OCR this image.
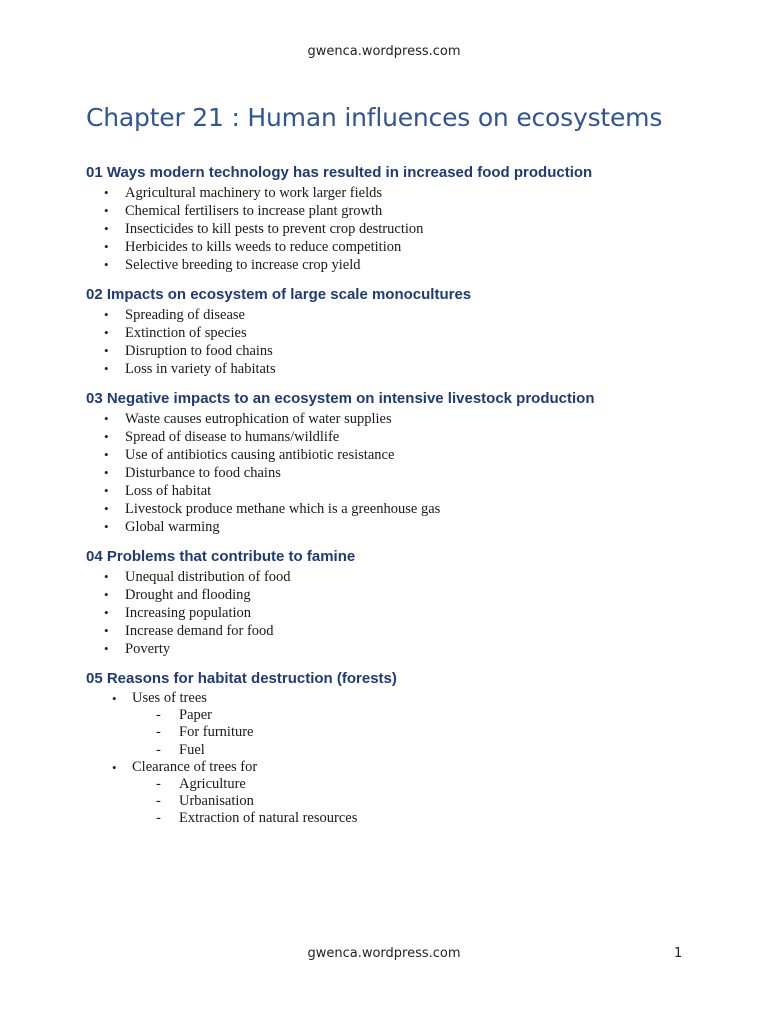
gwenca.wordpress.com
Chapter 21 : Human influences on ecosystems
01 Ways modern technology has resulted in increased food production
• Agricultural machinery to work larger fields
• Chemical fertilisers to increase plant growth
• Insecticides to kill pests to prevent crop destruction
• Herbicides to kills weeds to reduce competition
• Selective breeding to increase crop yield
02 Impacts on ecosystem of large scale monocultures
• Spreading of disease
• Extinction of species
• Disruption to food chains
• Loss in variety of habitats
03 Negative impacts to an ecosystem on intensive livestock production
• Waste causes eutrophication of water supplies
• Spread of disease to humans/wildlife
• Use of antibiotics causing antibiotic resistance
• Disturbance to food chains
• Loss of habitat
• Livestock produce methane which is a greenhouse gas
• Global warming
04 Problems that contribute to famine
• Unequal distribution of food
• Drought and flooding
• Increasing population
• Increase demand for food
• Poverty
05 Reasons for habitat destruction (forests)
• Uses of trees
- Paper
- For furniture
- Fuel
• Clearance of trees for
- Agriculture
- Urbanisation
- Extraction of natural resources
gwenca.wordpress.com	1
